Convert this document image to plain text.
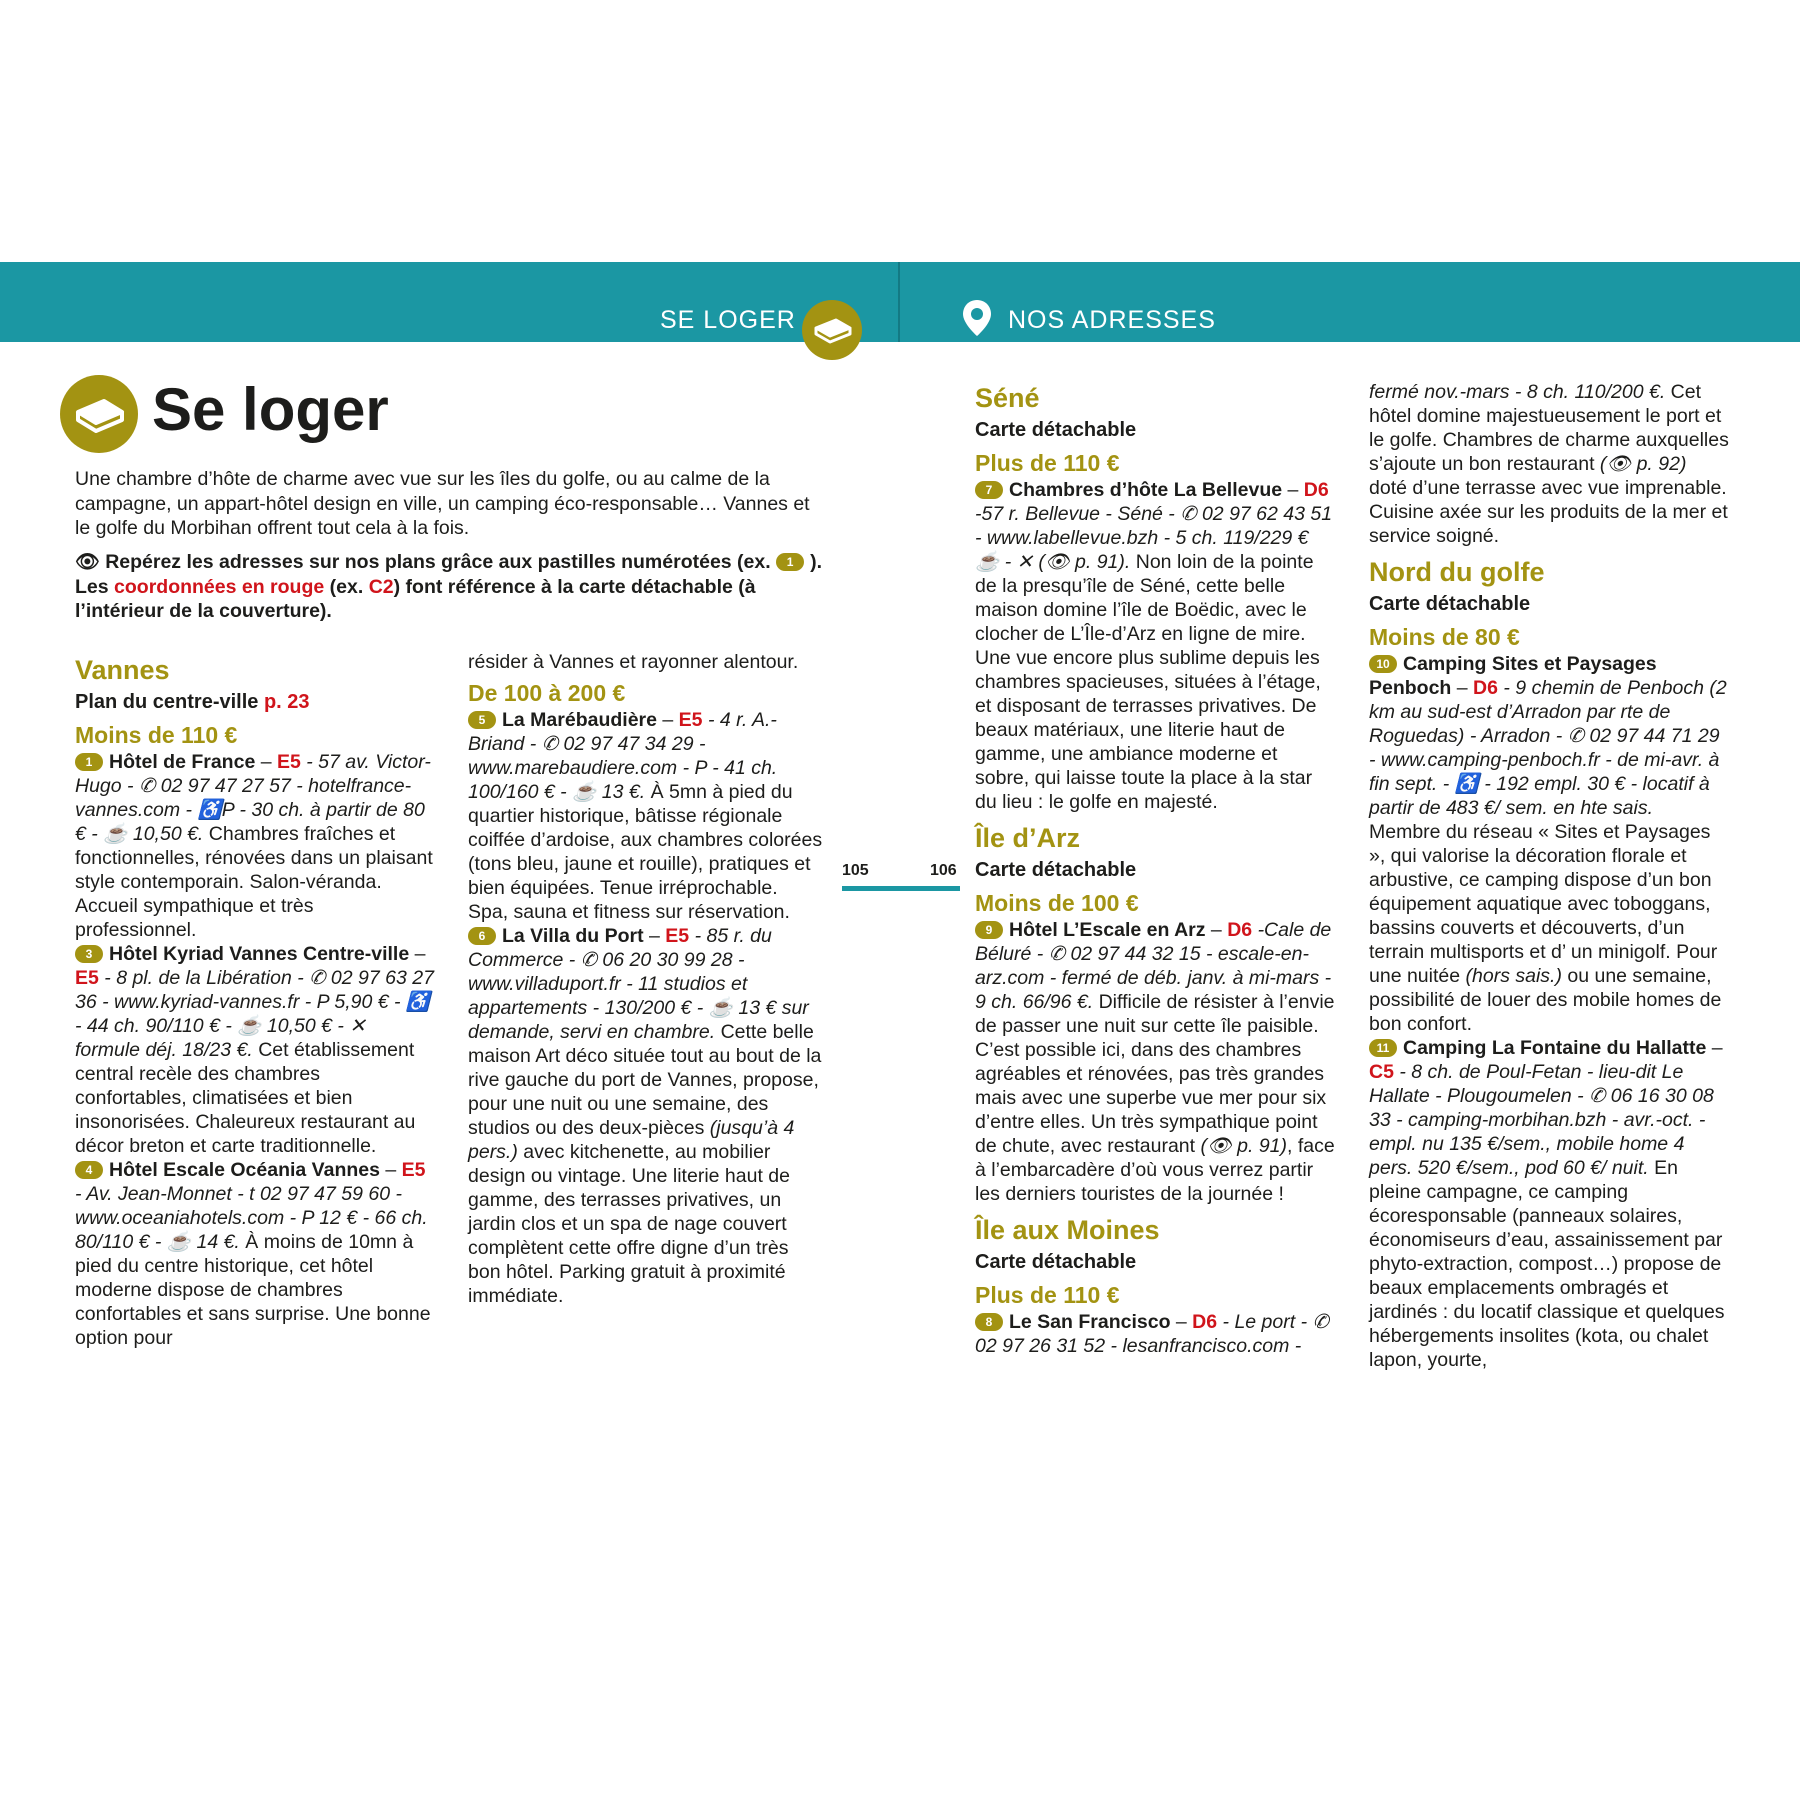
SE LOGER	NOS ADRESSES
Se loger

Une chambre d’hôte de charme avec vue sur les îles du golfe, ou au calme de la campagne, un appart-hôtel design en ville, un camping éco-responsable… Vannes et le golfe du Morbihan offrent tout cela à la fois.

👁 Repérez les adresses sur nos plans grâce aux pastilles numérotées (ex. 1 ). Les coordonnées en rouge (ex. C2) font référence à la carte détachable (à l’intérieur de la couverture).

Vannes

Plan du centre-ville p. 23

Moins de 110 €

1 Hôtel de France – E5 - 57 av. Victor-Hugo - ✆ 02 97 47 27 57 - hotelfrance-vannes.com - ♿P - 30 ch. à partir de 80 € - ☕ 10,50 €. Chambres fraîches et fonctionnelles, rénovées dans un plaisant style contemporain. Salon-véranda. Accueil sympathique et très professionnel.

3 Hôtel Kyriad Vannes Centre-ville – E5 - 8 pl. de la Libération - ✆ 02 97 63 27 36 - www.kyriad-vannes.fr - P 5,90 € - ♿ - 44 ch. 90/110 € - ☕ 10,50 € - ✕ formule déj. 18/23 €. Cet établissement central recèle des chambres confortables, climatisées et bien insonorisées. Chaleureux restaurant au décor breton et carte traditionnelle.

4 Hôtel Escale Océania Vannes – E5 - Av. Jean-Monnet - t 02 97 47 59 60 - www.oceaniahotels.com - P 12 € - 66 ch. 80/110 € - ☕ 14 €. À moins de 10mn à pied du centre historique, cet hôtel moderne dispose de chambres confortables et sans surprise. Une bonne option pour

résider à Vannes et rayonner alentour.

De 100 à 200 €

5 La Marébaudière – E5 - 4 r. A.-Briand - ✆ 02 97 47 34 29 - www.marebaudiere.com - P - 41 ch. 100/160 € - ☕ 13 €. À 5mn à pied du quartier historique, bâtisse régionale coiffée d’ardoise, aux chambres colorées (tons bleu, jaune et rouille), pratiques et bien équipées. Tenue irréprochable. Spa, sauna et fitness sur réservation.

6 La Villa du Port – E5 - 85 r. du Commerce - ✆ 06 20 30 99 28 - www.villaduport.fr - 11 studios et appartements - 130/200 € - ☕ 13 € sur demande, servi en chambre. Cette belle maison Art déco située tout au bout de la rive gauche du port de Vannes, propose, pour une nuit ou une semaine, des studios ou des deux-pièces (jusqu’à 4 pers.) avec kitchenette, au mobilier design ou vintage. Une literie haut de gamme, des terrasses privatives, un jardin clos et un spa de nage couvert complètent cette offre digne d’un très bon hôtel. Parking gratuit à proximité immédiate.

105	106

Séné

Carte détachable

Plus de 110 €

7 Chambres d’hôte La Bellevue – D6 -57 r. Bellevue - Séné - ✆ 02 97 62 43 51 - www.labellevue.bzh - 5 ch. 119/229 € ☕ - ✕ (👁 p. 91). Non loin de la pointe de la presqu’île de Séné, cette belle maison domine l’île de Boëdic, avec le clocher de L’Île-d’Arz en ligne de mire. Une vue encore plus sublime depuis les chambres spacieuses, situées à l’étage, et disposant de terrasses privatives. De beaux matériaux, une literie haut de gamme, une ambiance moderne et sobre, qui laisse toute la place à la star du lieu : le golfe en majesté.

Île d’Arz

Carte détachable

Moins de 100 €

9 Hôtel L’Escale en Arz – D6 -Cale de Béluré - ✆ 02 97 44 32 15 - escale-en-arz.com - fermé de déb. janv. à mi-mars - 9 ch. 66/96 €. Difficile de résister à l’envie de passer une nuit sur cette île paisible. C’est possible ici, dans des chambres agréables et rénovées, pas très grandes mais avec une superbe vue mer pour six d’entre elles. Un très sympathique point de chute, avec restaurant (👁 p. 91), face à l’embarcadère d’où vous verrez partir les derniers touristes de la journée !

Île aux Moines

Carte détachable

Plus de 110 €

8 Le San Francisco – D6 - Le port - ✆ 02 97 26 31 52 - lesanfrancisco.com -

fermé nov.-mars - 8 ch. 110/200 €. Cet hôtel domine majestueusement le port et le golfe. Chambres de charme auxquelles s’ajoute un bon restaurant (👁 p. 92) doté d’une terrasse avec vue imprenable. Cuisine axée sur les produits de la mer et service soigné.

Nord du golfe

Carte détachable

Moins de 80 €

10 Camping Sites et Paysages Penboch – D6 - 9 chemin de Penboch (2 km au sud-est d’Arradon par rte de Roguedas) - Arradon - ✆ 02 97 44 71 29 - www.camping-penboch.fr - de mi-avr. à fin sept. - ♿ - 192 empl. 30 € - locatif à partir de 483 €/ sem. en hte sais. Membre du réseau « Sites et Paysages », qui valorise la décoration florale et arbustive, ce camping dispose d’un bon équipement aquatique avec toboggans, bassins couverts et découverts, d’un terrain multisports et d’ un minigolf. Pour une nuitée (hors sais.) ou une semaine, possibilité de louer des mobile homes de bon confort.

11 Camping La Fontaine du Hallatte – C5 - 8 ch. de Poul-Fetan - lieu-dit Le Hallate - Plougoumelen - ✆ 06 16 30 08 33 - camping-morbihan.bzh - avr.-oct. - empl. nu 135 €/sem., mobile home 4 pers. 520 €/sem., pod 60 €/ nuit. En pleine campagne, ce camping écoresponsable (panneaux solaires, économiseurs d’eau, assainissement par phyto-extraction, compost…) propose de beaux emplacements ombragés et jardinés : du locatif classique et quelques hébergements insolites (kota, ou chalet lapon, yourte,
